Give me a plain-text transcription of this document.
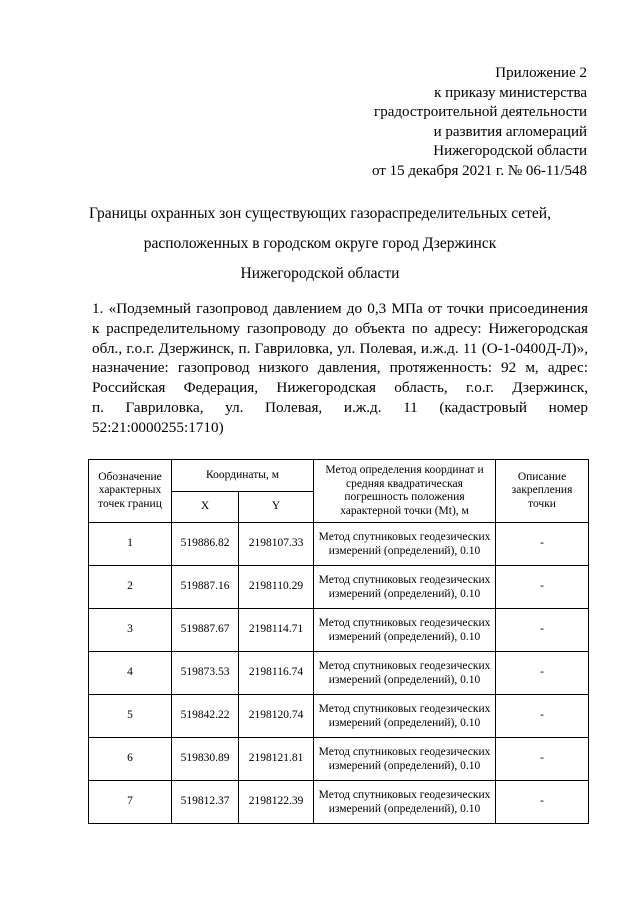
Приложение 2
к приказу министерства
градостроительной деятельности
и развития агломераций
Нижегородской области
от 15 декабря 2021 г. № 06-11/548
Границы охранных зон существующих газораспределительных сетей,
расположенных в городском округе город Дзержинск
Нижегородской области
1. «Подземный газопровод давлением до 0,3 МПа от точки присоединения
к распределительному газопроводу до объекта по адресу: Нижегородская
обл., г.о.г. Дзержинск, п. Гавриловка, ул. Полевая, и.ж.д. 11 (О-1-0400Д-Л)»,
назначение: газопровод низкого давления, протяженность: 92 м, адрес:
Российская Федерация, Нижегородская область, г.о.г. Дзержинск,
п. Гавриловка, ул. Полевая, и.ж.д. 11 (кадастровый номер
52:21:0000255:1710)
Обозначение характерных точек границ	Координаты, м		Метод определения координат и средняя квадратическая погрешность положения характерной точки (Mt), м	Описание закрепления точки
	X	Y		
1	519886.82	2198107.33	Метод спутниковых геодезических измерений (определений), 0.10	-
2	519887.16	2198110.29	Метод спутниковых геодезических измерений (определений), 0.10	-
3	519887.67	2198114.71	Метод спутниковых геодезических измерений (определений), 0.10	-
4	519873.53	2198116.74	Метод спутниковых геодезических измерений (определений), 0.10	-
5	519842.22	2198120.74	Метод спутниковых геодезических измерений (определений), 0.10	-
6	519830.89	2198121.81	Метод спутниковых геодезических измерений (определений), 0.10	-
7	519812.37	2198122.39	Метод спутниковых геодезических измерений (определений), 0.10	-
